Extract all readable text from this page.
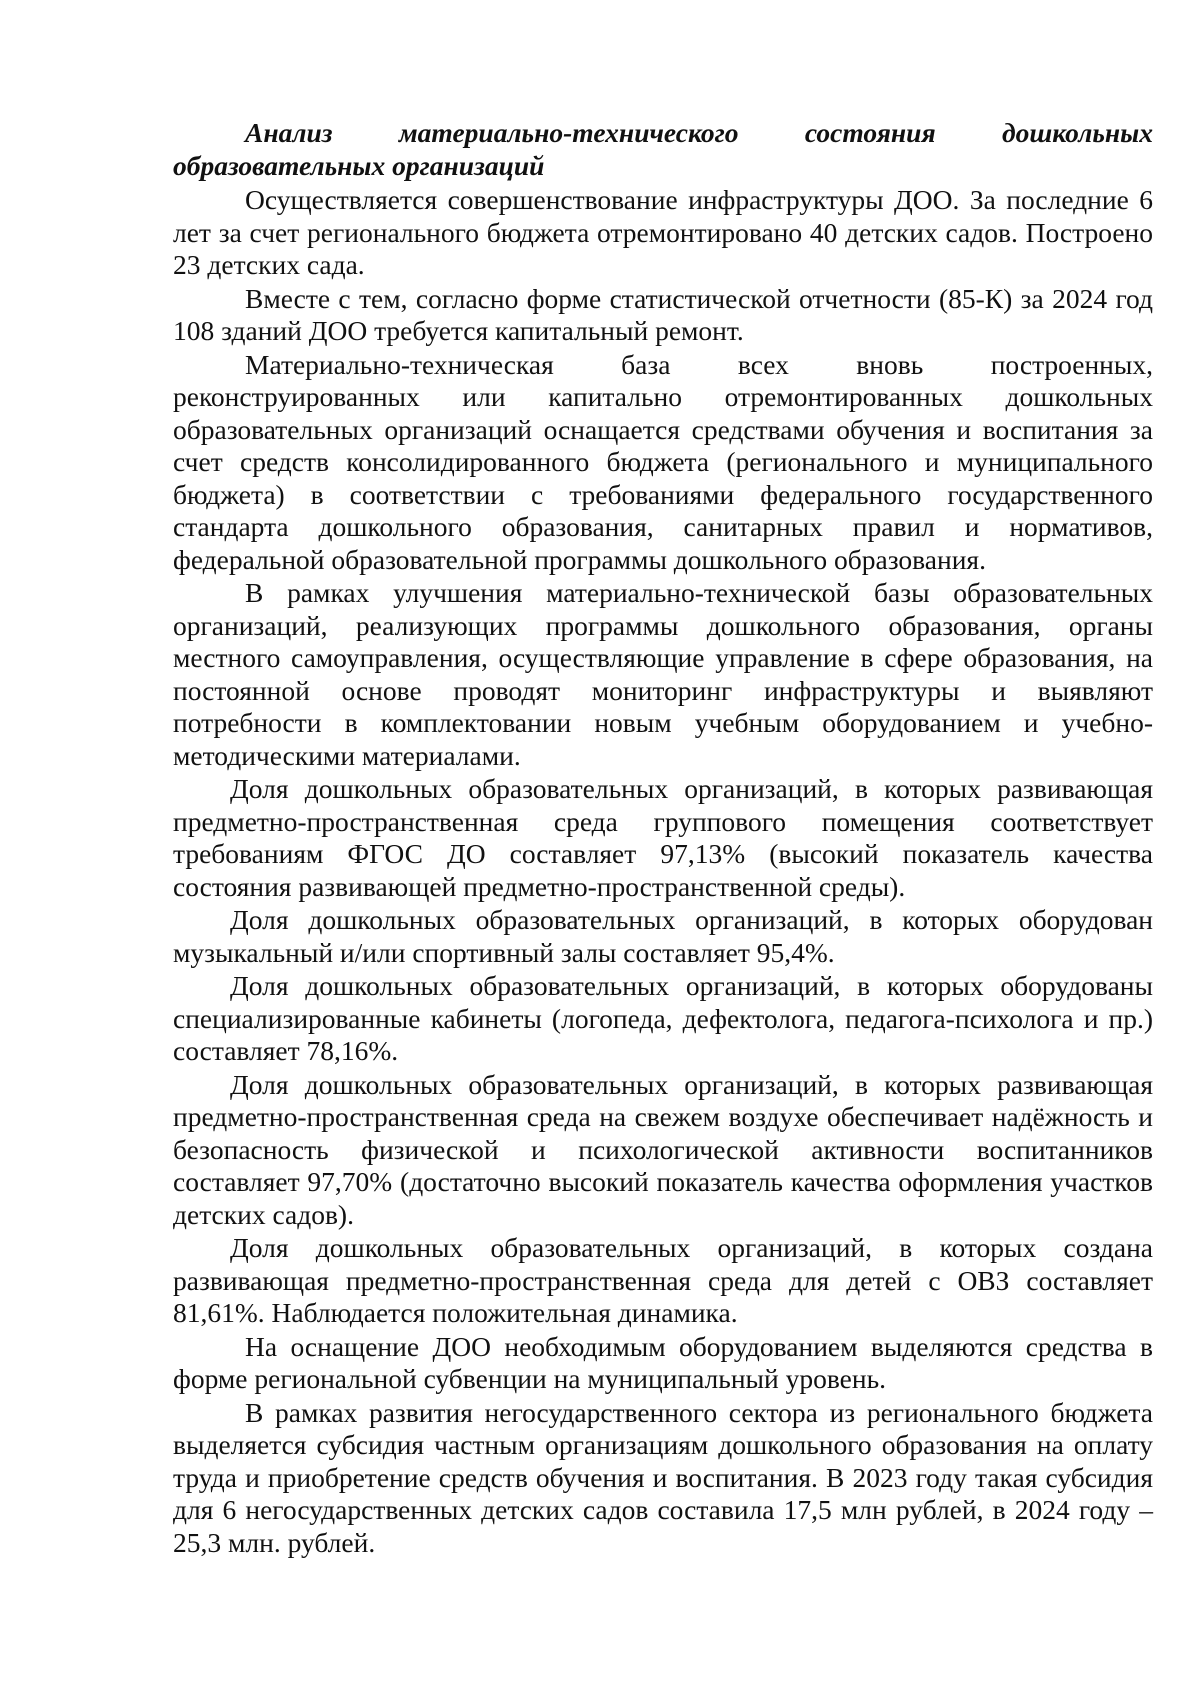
Анализ материально-технического состояния дошкольных образовательных организаций

Осуществляется совершенствование инфраструктуры ДОО. За последние 6 лет за счет регионального бюджета отремонтировано 40 детских садов. Построено 23 детских сада.

Вместе с тем, согласно форме статистической отчетности (85-К) за 2024 год 108 зданий ДОО требуется капитальный ремонт.

Материально-техническая база всех вновь построенных, реконструированных или капитально отремонтированных дошкольных образовательных организаций оснащается средствами обучения и воспитания за счет средств консолидированного бюджета (регионального и муниципального бюджета) в соответствии с требованиями федерального государственного стандарта дошкольного образования, санитарных правил и нормативов, федеральной образовательной программы дошкольного образования.

В рамках улучшения материально-технической базы образовательных организаций, реализующих программы дошкольного образования, органы местного самоуправления, осуществляющие управление в сфере образования, на постоянной основе проводят мониторинг инфраструктуры и выявляют потребности в комплектовании новым учебным оборудованием и учебно-методическими материалами.

Доля дошкольных образовательных организаций, в которых развивающая предметно-пространственная среда группового помещения соответствует требованиям ФГОС ДО составляет 97,13% (высокий показатель качества состояния развивающей предметно-пространственной среды).

Доля дошкольных образовательных организаций, в которых оборудован музыкальный и/или спортивный залы составляет 95,4%.

Доля дошкольных образовательных организаций, в которых оборудованы специализированные кабинеты (логопеда, дефектолога, педагога-психолога и пр.) составляет 78,16%.

Доля дошкольных образовательных организаций, в которых развивающая предметно-пространственная среда на свежем воздухе обеспечивает надёжность и безопасность физической и психологической активности воспитанников составляет 97,70% (достаточно высокий показатель качества оформления участков детских садов).

Доля дошкольных образовательных организаций, в которых создана развивающая предметно-пространственная среда для детей с ОВЗ составляет 81,61%. Наблюдается положительная динамика.

На оснащение ДОО необходимым оборудованием выделяются средства в форме региональной субвенции на муниципальный уровень.

В рамках развития негосударственного сектора из регионального бюджета выделяется субсидия частным организациям дошкольного образования на оплату труда и приобретение средств обучения и воспитания. В 2023 году такая субсидия для 6 негосударственных детских садов составила 17,5 млн рублей, в 2024 году – 25,3 млн. рублей.
